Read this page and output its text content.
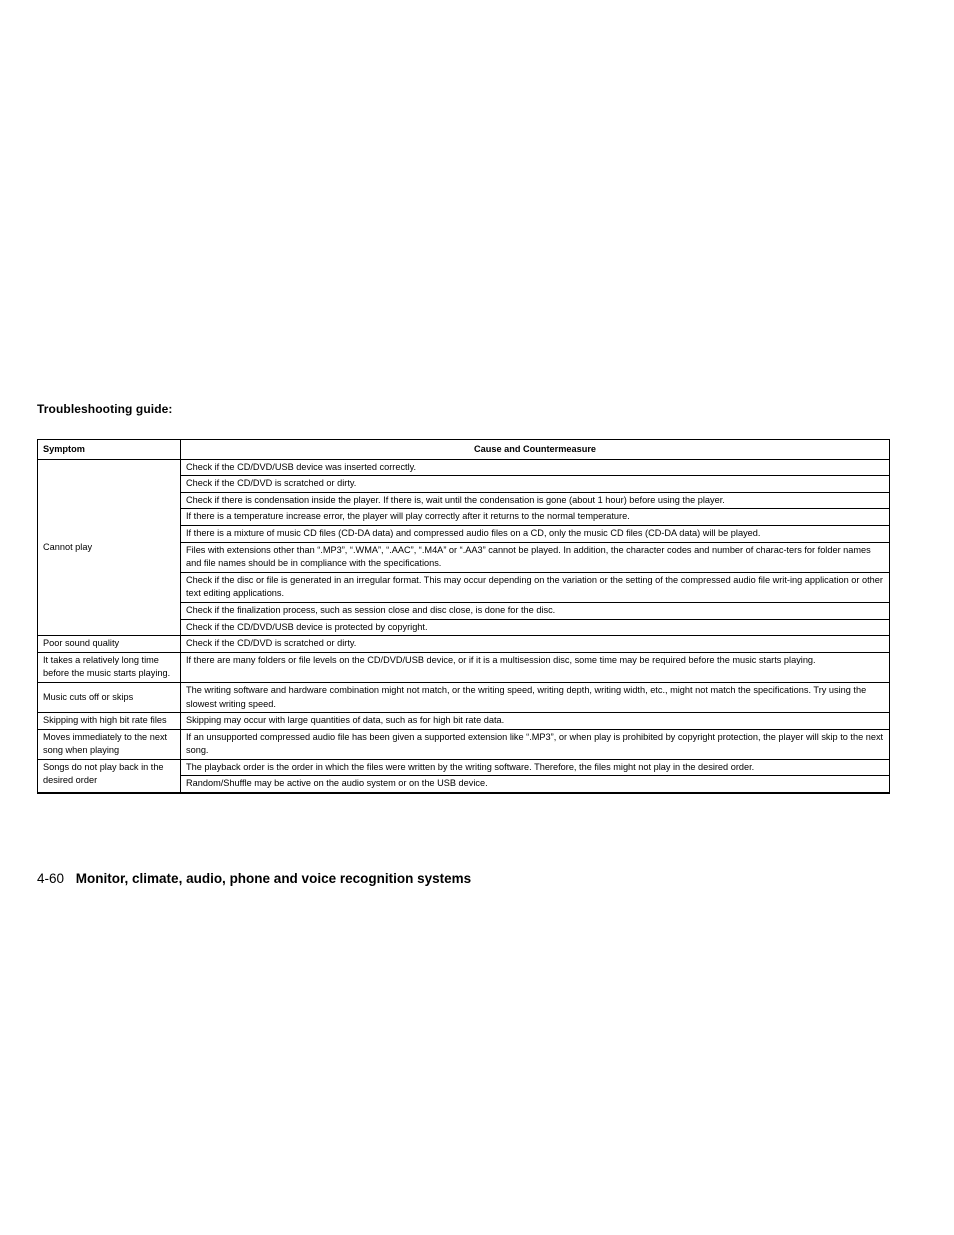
Troubleshooting guide:
Symptom	Cause and Countermeasure
Cannot play	Check if the CD/DVD/USB device was inserted correctly.
	Check if the CD/DVD is scratched or dirty.
	Check if there is condensation inside the player. If there is, wait until the condensation is gone (about 1 hour) before using the player.
	If there is a temperature increase error, the player will play correctly after it returns to the normal temperature.
	If there is a mixture of music CD files (CD-DA data) and compressed audio files on a CD, only the music CD files (CD-DA data) will be played.
	Files with extensions other than “.MP3”, “.WMA”, “.AAC”, “.M4A” or “.AA3” cannot be played. In addition, the character codes and number of charac-ters for folder names and file names should be in compliance with the specifications.
	Check if the disc or file is generated in an irregular format. This may occur depending on the variation or the setting of the compressed audio file writ-ing application or other text editing applications.
	Check if the finalization process, such as session close and disc close, is done for the disc.
	Check if the CD/DVD/USB device is protected by copyright.
Poor sound quality	Check if the CD/DVD is scratched or dirty.
It takes a relatively long time before the music starts playing.	If there are many folders or file levels on the CD/DVD/USB device, or if it is a multisession disc, some time may be required before the music starts playing.
Music cuts off or skips	The writing software and hardware combination might not match, or the writing speed, writing depth, writing width, etc., might not match the specifications. Try using the slowest writing speed.
Skipping with high bit rate files	Skipping may occur with large quantities of data, such as for high bit rate data.
Moves immediately to the next song when playing	If an unsupported compressed audio file has been given a supported extension like “.MP3”, or when play is prohibited by copyright protection, the player will skip to the next song.
Songs do not play back in the desired order	The playback order is the order in which the files were written by the writing software. Therefore, the files might not play in the desired order.
	Random/Shuffle may be active on the audio system or on the USB device.
4-60 Monitor, climate, audio, phone and voice recognition systems
